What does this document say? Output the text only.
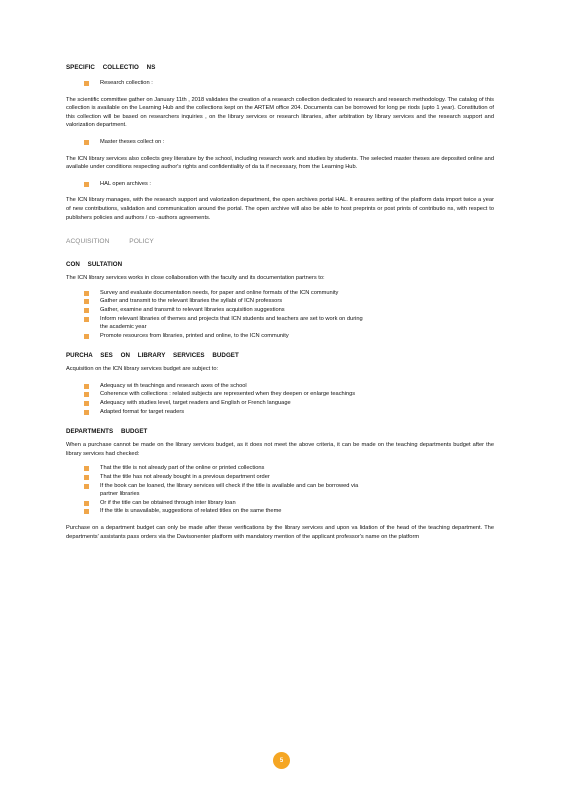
SPECIFIC COLLECTIO NS
Research collection :

The scientific committee gather on January 11th , 2018 validates the creation of a research collection dedicated to research and research methodology. The catalog of this collection is available on the Learning Hub and the collections kept on the ARTEM office 204. Documents can be borrowed for long pe riods (upto 1 year). Constitution of this collection will be based on researchers inquiries , on the library services or research libraries, after arbitration by library services and the research support and valorization department.

Master theses collect on :

The ICN library services also collects grey literature by the school, including research work and studies by students. The selected master theses are deposited online and available under conditions respecting author's rights and confidentiality of da ta if necessary, from the Learning Hub.

HAL open archives :

The ICN library manages, with the research support and valorization department, the open archives portal HAL. It ensures setting of the platform data import twice a year of new contributions, validation and communication around the portal. The open archive will also be able to host preprints or post prints of contributio ns, with respect to publishers policies and authors / co -authors agreements.

ACQUISITION POLICY
CON SULTATION

The ICN library services works in close collaboration with the faculty and its documentation partners to:

Survey and evaluate documentation needs, for paper and online formats of the ICN community
Gather and transmit to the relevant libraries the syllabi of ICN professors
Gather, examine and transmit to relevant libraries acquisition suggestions
Inform relevant libraries of themes and projects that ICN students and teachers are set to work on during
the academic year
Promote resources from libraries, printed and online, to the ICN community
PURCHA SES ON LIBRARY SERVICES BUDGET

Acquisition on the ICN library services budget are subject to:

Adequacy wi th teachings and research axes of the school
Coherence with collections : related subjects are represented when they deepen or enlarge teachings
Adequacy with studies level, target readers and English or French language
Adapted format for target readers
DEPARTMENTS BUDGET

When a purchase cannot be made on the library services budget, as it does not meet the above criteria, it can be made on the teaching departments budget after the library services had checked:

That the title is not already part of the online or printed collections
That the title has not already bought in a previous department order
If the book can be loaned, the library services will check if the title is available and can be borrowed via
partner libraries
Or if the title can be obtained through inter library loan
If the title is unavailable, suggestions of related titles on the same theme

Purchase on a department budget can only be made after these verifications by the library services and upon va lidation of the head of the teaching department. The departments' assistants pass orders via the Davisonenter platform with mandatory mention of the applicant professor's name on the platform

5
